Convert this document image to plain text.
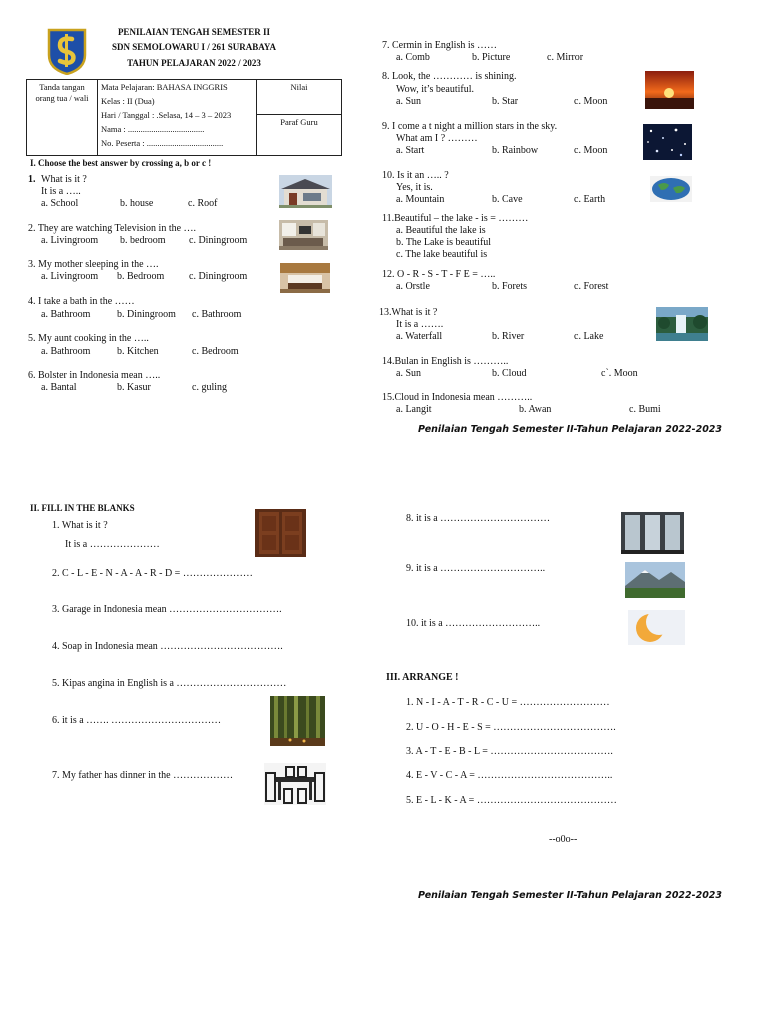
PENILAIAN TENGAH SEMESTER II
SDN SEMOLOWARU I / 261 SURABAYA
TAHUN PELAJARAN 2022 / 2023
Tanda tangan orang tua / wali	
Mata Pelajaran: BAHASA INGGRIS
Kelas : II (Dua)
Hari / Tanggal : .Selasa, 14 – 3 – 2023
Nama : ....................................
No. Peserta : ....................................
	Nilai
Paraf Guru
I. Choose the best answer by crossing a, b or c !
1. What is it ?
It is a …..
a. School	b. house	c. Roof
2. They are watching Television in the ….
a. Livingroom b. bedroom c. Diningroom
3. My mother sleeping in the ….
a. Livingroom b. Bedroom c. Diningroom
4. I take a bath in the ……
a. Bathroom	b. Diningroom c. Bathroom
5. My aunt cooking in the …..
a. Bathroom	b. Kitchen	c. Bedroom
6. Bolster in Indonesia mean …..
a. Bantal	b. Kasur	c. guling
7. Cermin in English is ……
a. Comb	b. Picture	c. Mirror
8. Look, the ………… is shining.
Wow, it’s beautiful.
a. Sun	b. Star	c. Moon
9. I come a t night a million stars in the sky.
What am I ? ………
a. Start	b. Rainbow	c. Moon
10. Is it an ….. ?
Yes, it is.
a. Mountain	b. Cave	c. Earth
11.Beautiful – the lake - is = ………
a. Beautiful the lake is
b. The Lake is beautiful
c. The lake beautiful is
12. O - R - S - T - F E = …..
a. Orstle	b. Forets	c. Forest
13.What is it ?
It is a …….
a. Waterfall	b. River	c. Lake
14.Bulan in English is ………..
a. Sun	b. Cloud	c`. Moon
15.Cloud in Indonesia mean ………..
a. Langit	b. Awan	c. Bumi
Penilaian Tengah Semester II-Tahun Pelajaran 2022-2023
II. FILL IN THE BLANKS
1. What is it ?
It is a …………………
2. C - L - E - N - A - A - R - D = …………………
3. Garage in Indonesia mean …………………………….
4. Soap in Indonesia mean ……………………………….
5. Kipas angina in English is a ……………………………
6. it is a ……. ……………………………
7. My father has dinner in the ………………
8. it is a ……………………………
9. it is a …………………………..
10. it is a ………………………..
III. ARRANGE !
1. N - I - A - T - R - C - U = ………………………
2. U - O - H - E - S = ……………………………….
3. A - T - E - B - L = ……………………………….
4. E - V - C - A = …………………………………..
5. E - L - K - A = ……………………………………
--o0o--
Penilaian Tengah Semester II-Tahun Pelajaran 2022-2023
